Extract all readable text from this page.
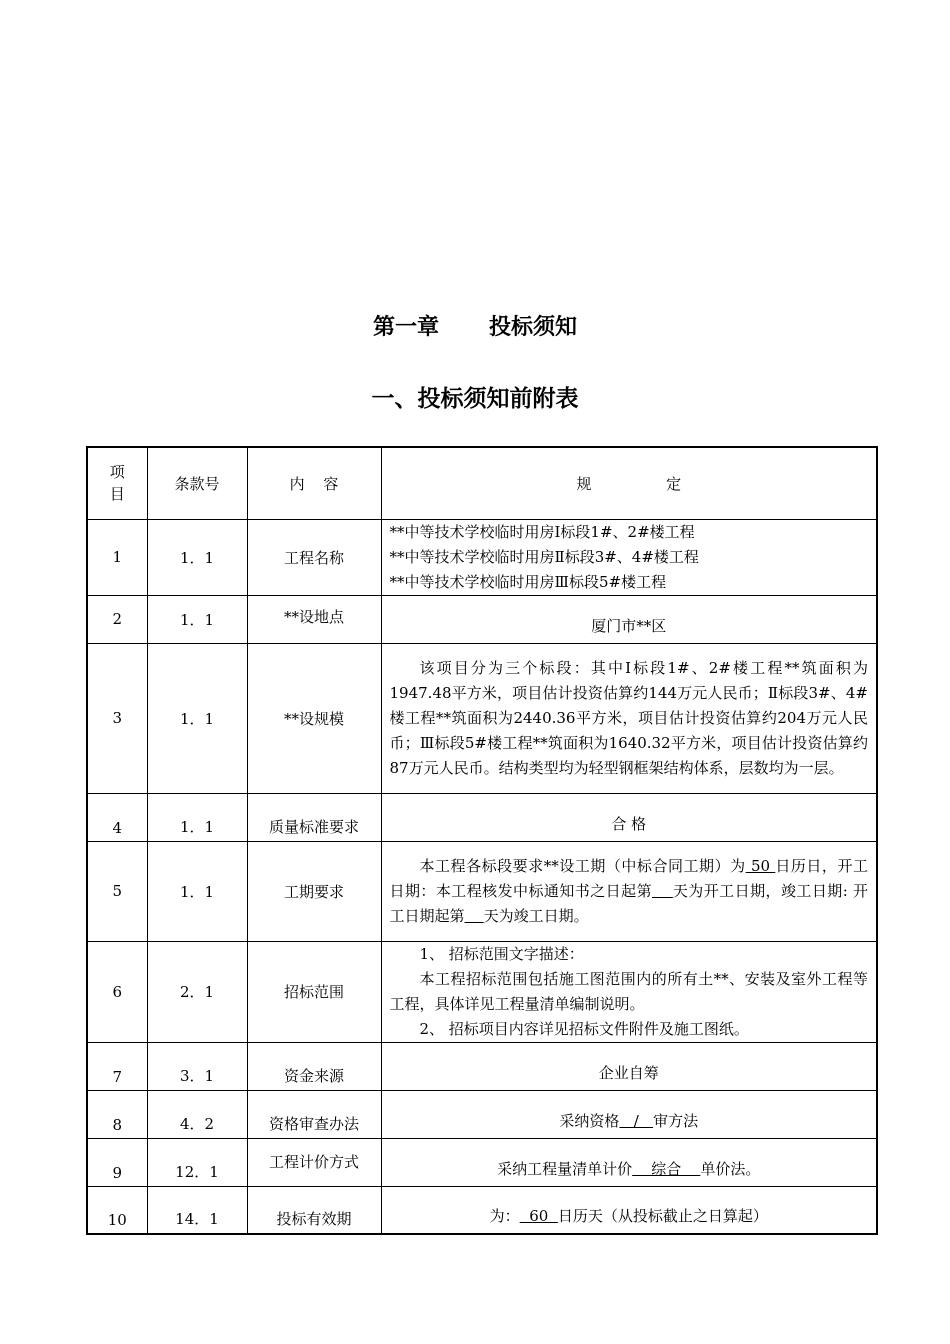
第一章 投标须知
一、投标须知前附表
项目	条款号	内 容	规 定
1	1．1	工程名称	**中等技术学校临时用房Ⅰ标段1#、2#楼工程
**中等技术学校临时用房Ⅱ标段3#、4#楼工程
**中等技术学校临时用房Ⅲ标段5#楼工程

2	1．1	**设地点	厦门市**区
3	1．1	**设规模	该项目分为三个标段：其中Ⅰ标段1#、2#楼工程**筑面积为1947.48平方米，项目估计投资估算约144万元人民币；Ⅱ标段3#、4#楼工程**筑面积为2440.36平方米，项目估计投资估算约204万元人民币；Ⅲ标段5#楼工程**筑面积为1640.32平方米，项目估计投资估算约87万元人民币。结构类型均为轻型钢框架结构体系，层数均为一层。
4	1．1	质量标准要求	合 格
5	1．1	工期要求	本工程各标段要求**设工期（中标合同工期）为 50 日历日，开工日期：本工程核发中标通知书之日起第 天为开工日期，竣工日期: 开工日期起第 天为竣工日期。
6	2．1	招标范围	1、 招标范围文字描述：
本工程招标范围包括施工图范围内的所有土**、安装及室外工程等工程，具体详见工程量清单编制说明。
2、 招标项目内容详见招标文件附件及施工图纸。

7	3．1	资金来源	企业自筹
8	4．2	资格审查办法	采纳资格   /   审方法
9	12．1	工程计价方式	采纳工程量清单计价    综合    单价法。
10	14．1	投标有效期	为：  60  日历天（从投标截止之日算起）
